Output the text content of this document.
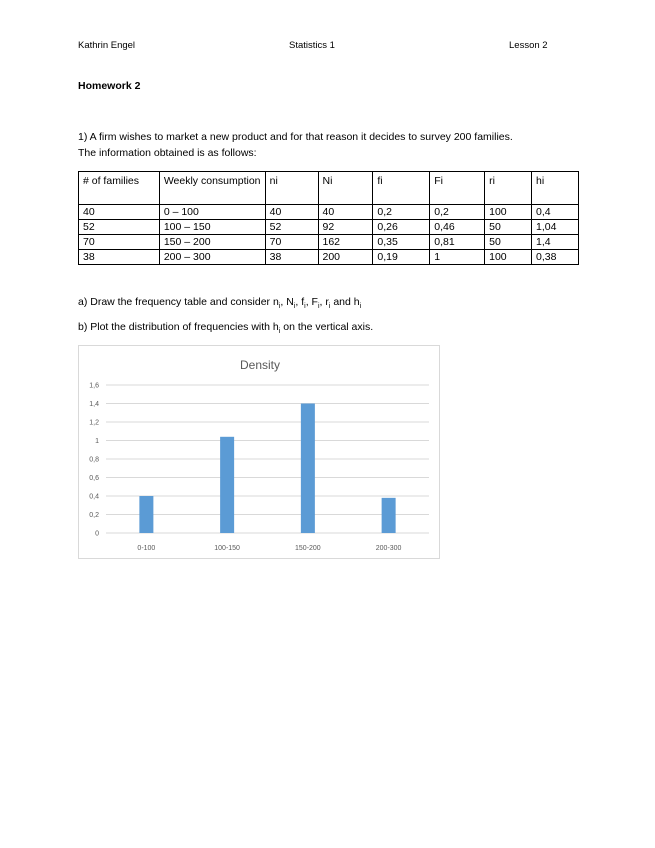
Kathrin Engel	Statistics 1	Lesson 2
Homework 2
1) A firm wishes to market a new product and for that reason it decides to survey 200 families.
The information obtained is as follows:
# of families	Weekly consumption	ni	Ni	fi	Fi	ri	hi
40	0 – 100	40	40	0,2	0,2	100	0,4
52	100 – 150	52	92	0,26	0,46	50	1,04
70	150 – 200	70	162	0,35	0,81	50	1,4
38	200 – 300	38	200	0,19	1	100	0,38
a) Draw the frequency table and consider $n_i$, $N_i$, $f_i$, $F_i$, $r_i$ and $h_i$
b) Plot the distribution of frequencies with $h_i$ on the vertical axis.
Density
0
0,2
0,4
0,6
0,8
1
1,2
1,4
1,6
0-100	100-150	150-200	200-300
